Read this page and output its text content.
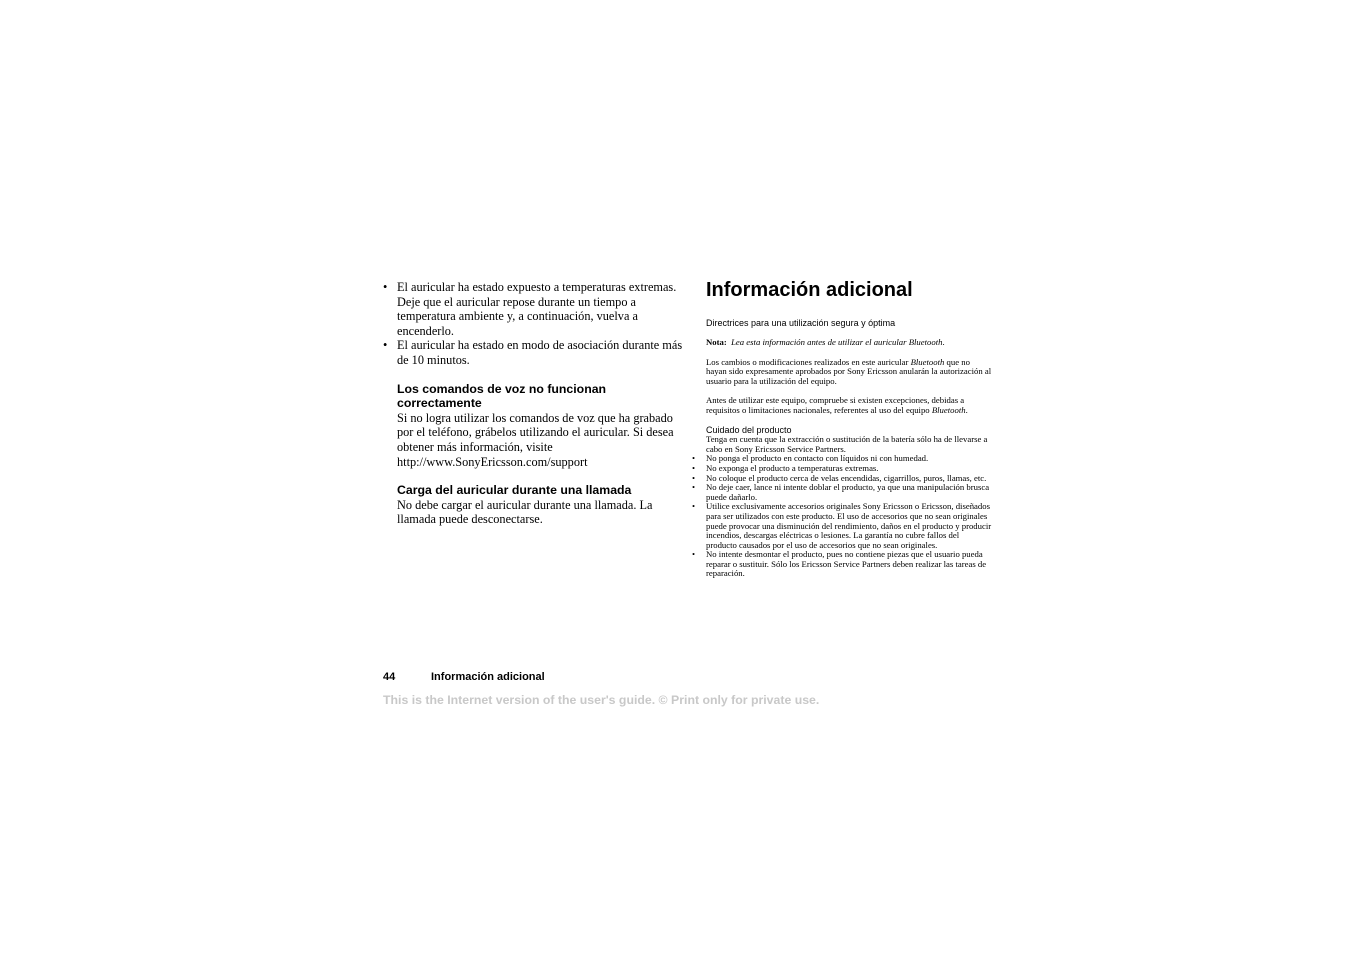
• El auricular ha estado expuesto a temperaturas extremas. Deje que el auricular repose durante un tiempo a temperatura ambiente y, a continuación, vuelva a encenderlo.
• El auricular ha estado en modo de asociación durante más de 10 minutos.
Los comandos de voz no funcionan correctamente

Si no logra utilizar los comandos de voz que ha grabado por el teléfono, grábelos utilizando el auricular. Si desea obtener más información, visite http://www.SonyEricsson.com/support

Carga del auricular durante una llamada

No debe cargar el auricular durante una llamada. La llamada puede desconectarse.

Información adicional

Directrices para una utilización segura y óptima

Nota: Lea esta información antes de utilizar el auricular Bluetooth.

Los cambios o modificaciones realizados en este auricular Bluetooth que no hayan sido expresamente aprobados por Sony Ericsson anularán la autorización al usuario para la utilización del equipo.

Antes de utilizar este equipo, compruebe si existen excepciones, debidas a requisitos o limitaciones nacionales, referentes al uso del equipo Bluetooth.

Cuidado del producto

Tenga en cuenta que la extracción o sustitución de la batería sólo ha de llevarse a cabo en Sony Ericsson Service Partners.

• No ponga el producto en contacto con líquidos ni con humedad.
• No exponga el producto a temperaturas extremas.
• No coloque el producto cerca de velas encendidas, cigarrillos, puros, llamas, etc.
• No deje caer, lance ni intente doblar el producto, ya que una manipulación brusca puede dañarlo.
• Utilice exclusivamente accesorios originales Sony Ericsson o Ericsson, diseñados para ser utilizados con este producto. El uso de accesorios que no sean originales puede provocar una disminución del rendimiento, daños en el producto y producir incendios, descargas eléctricas o lesiones. La garantía no cubre fallos del producto causados por el uso de accesorios que no sean originales.
• No intente desmontar el producto, pues no contiene piezas que el usuario pueda reparar o sustituir. Sólo los Ericsson Service Partners deben realizar las tareas de reparación.
44	Información adicional
This is the Internet version of the user's guide. © Print only for private use.
